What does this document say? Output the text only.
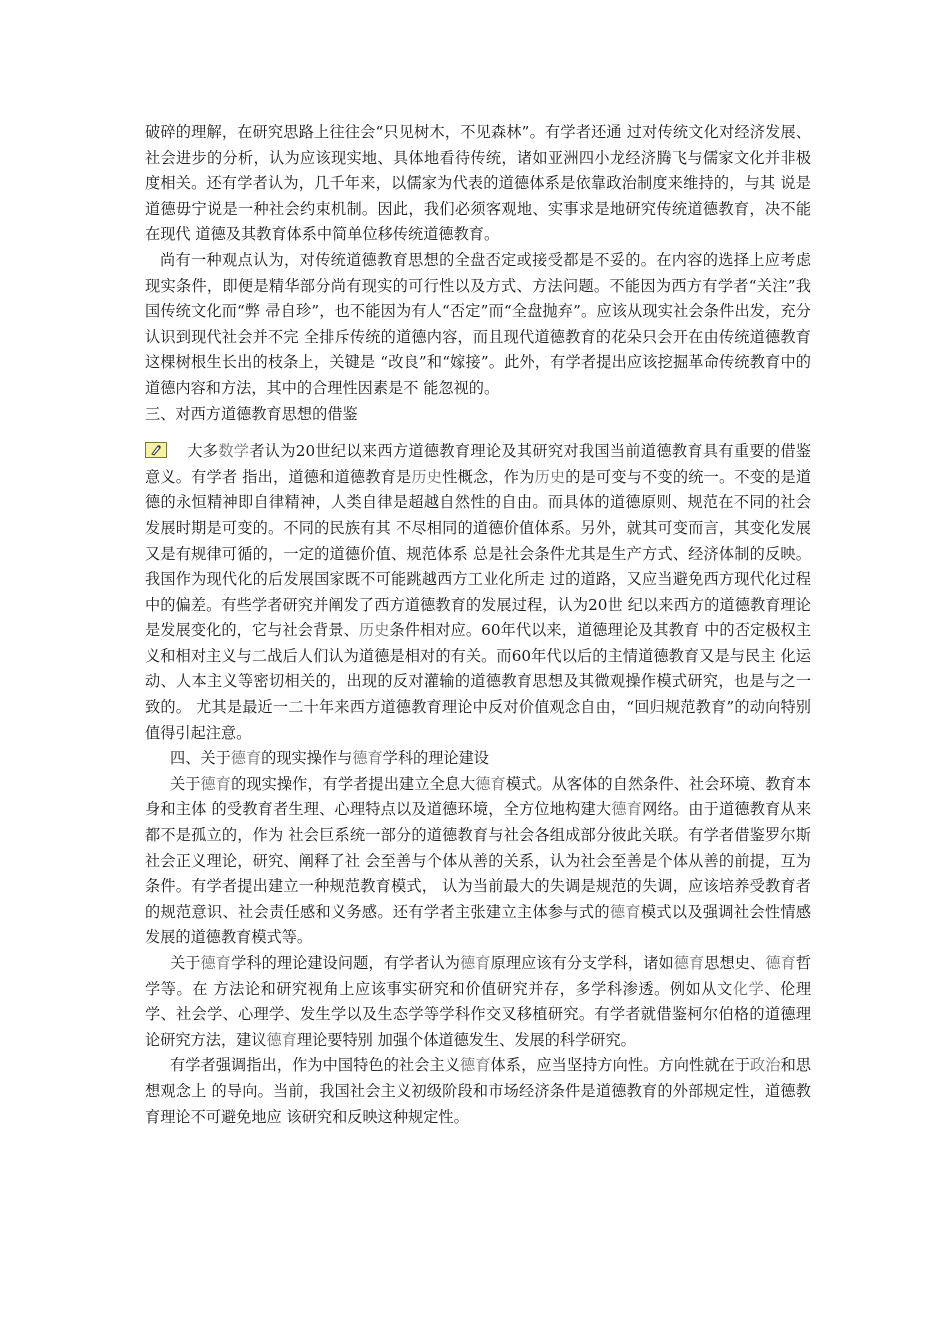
破碎的理解，在研究思路上往往会“只见树木，不见森林”。有学者还通 过对传统文化对经济发展、社会进步的分析，认为应该现实地、具体地看待传统，诸如亚洲四小龙经济腾飞与儒家文化并非极度相关。还有学者认为，几千年来，以儒家为代表的道德体系是依靠政治制度来维持的，与其 说是道德毋宁说是一种社会约束机制。因此，我们必须客观地、实事求是地研究传统道德教育，决不能在现代 道德及其教育体系中简单位移传统道德教育。

尚有一种观点认为，对传统道德教育思想的全盘否定或接受都是不妥的。在内容的选择上应考虑现实条件，即便是精华部分尚有现实的可行性以及方式、方法问题。不能因为西方有学者“关注”我国传统文化而“弊 帚自珍”，也不能因为有人“否定”而“全盘抛弃”。应该从现实社会条件出发，充分认识到现代社会并不完 全排斥传统的道德内容，而且现代道德教育的花朵只会开在由传统道德教育这棵树根生长出的枝条上，关键是 “改良”和“嫁接”。此外，有学者提出应该挖掘革命传统教育中的道德内容和方法，其中的合理性因素是不 能忽视的。

三、对西方道德教育思想的借鉴

大多数学者认为20世纪以来西方道德教育理论及其研究对我国当前道德教育具有重要的借鉴意义。有学者 指出，道德和道德教育是历史性概念，作为历史的是可变与不变的统一。不变的是道德的永恒精神即自律精神，人类自律是超越自然性的自由。而具体的道德原则、规范在不同的社会发展时期是可变的。不同的民族有其 不尽相同的道德价值体系。另外，就其可变而言，其变化发展又是有规律可循的，一定的道德价值、规范体系 总是社会条件尤其是生产方式、经济体制的反映。我国作为现代化的后发展国家既不可能跳越西方工业化所走 过的道路，又应当避免西方现代化过程中的偏差。有些学者研究并阐发了西方道德教育的发展过程，认为20世 纪以来西方的道德教育理论是发展变化的，它与社会背景、历史条件相对应。60年代以来，道德理论及其教育 中的否定极权主义和相对主义与二战后人们认为道德是相对的有关。而60年代以后的主情道德教育又是与民主 化运动、人本主义等密切相关的，出现的反对灌输的道德教育思想及其微观操作模式研究，也是与之一致的。 尤其是最近一二十年来西方道德教育理论中反对价值观念自由，“回归规范教育”的动向特别值得引起注意。

四、关于德育的现实操作与德育学科的理论建设

关于德育的现实操作，有学者提出建立全息大德育模式。从客体的自然条件、社会环境、教育本身和主体 的受教育者生理、心理特点以及道德环境，全方位地构建大德育网络。由于道德教育从来都不是孤立的，作为 社会巨系统一部分的道德教育与社会各组成部分彼此关联。有学者借鉴罗尔斯社会正义理论，研究、阐释了社 会至善与个体从善的关系，认为社会至善是个体从善的前提，互为条件。有学者提出建立一种规范教育模式， 认为当前最大的失调是规范的失调，应该培养受教育者的规范意识、社会责任感和义务感。还有学者主张建立主体参与式的德育模式以及强调社会性情感发展的道德教育模式等。

关于德育学科的理论建设问题，有学者认为德育原理应该有分支学科，诸如德育思想史、德育哲学等。在 方法论和研究视角上应该事实研究和价值研究并存，多学科渗透。例如从文化学、伦理学、社会学、心理学、发生学以及生态学等学科作交叉移植研究。有学者就借鉴柯尔伯格的道德理论研究方法，建议德育理论要特别 加强个体道德发生、发展的科学研究。

有学者强调指出，作为中国特色的社会主义德育体系，应当坚持方向性。方向性就在于政治和思想观念上 的导向。当前，我国社会主义初级阶段和市场经济条件是道德教育的外部规定性，道德教育理论不可避免地应 该研究和反映这种规定性。
